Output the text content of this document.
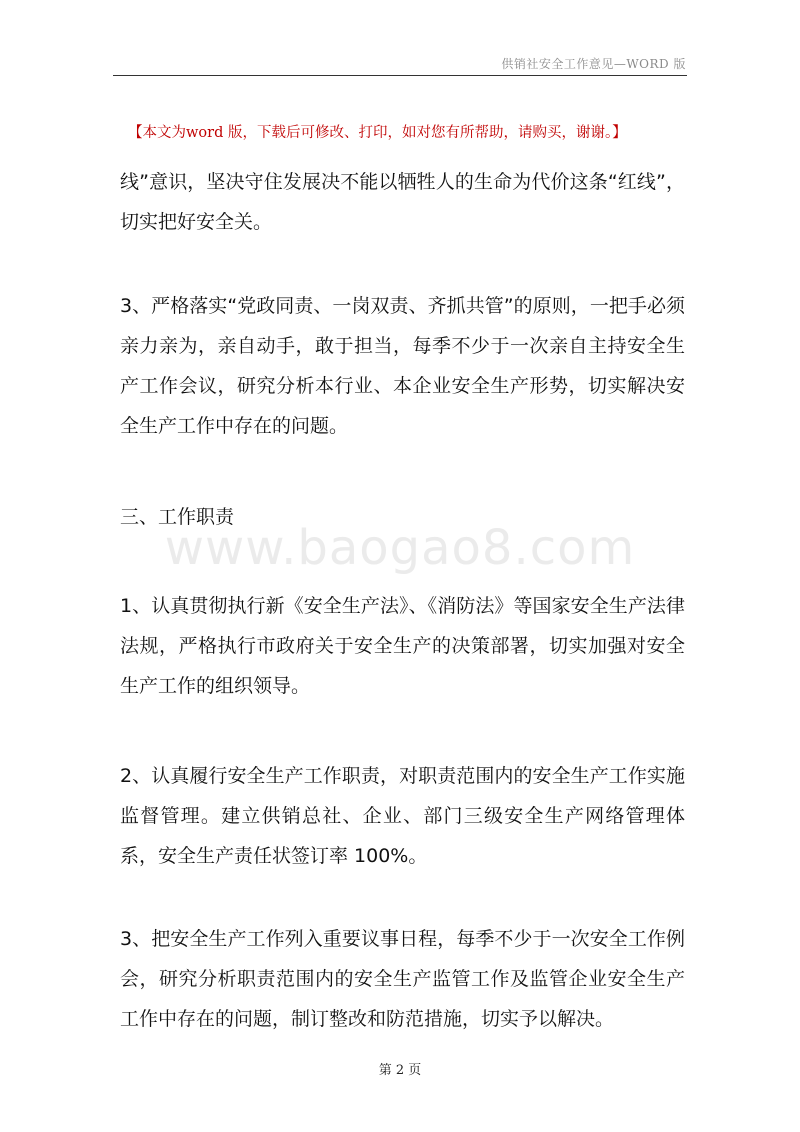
供销社安全工作意见—WORD 版
【本文为word 版，下载后可修改、打印，如对您有所帮助，请购买，谢谢。】
www.baogao8.com

线”意识，坚决守住发展决不能以牺牲人的生命为代价这条“红线”，切实把好安全关。

3、严格落实“党政同责、一岗双责、齐抓共管”的原则，一把手必须亲力亲为，亲自动手，敢于担当，每季不少于一次亲自主持安全生产工作会议，研究分析本行业、本企业安全生产形势，切实解决安全生产工作中存在的问题。

三、工作职责

1、认真贯彻执行新《安全生产法》、《消防法》等国家安全生产法律法规，严格执行市政府关于安全生产的决策部署，切实加强对安全生产工作的组织领导。

2、认真履行安全生产工作职责，对职责范围内的安全生产工作实施监督管理。建立供销总社、企业、部门三级安全生产网络管理体系，安全生产责任状签订率 100%。

3、把安全生产工作列入重要议事日程，每季不少于一次安全工作例会，研究分析职责范围内的安全生产监管工作及监管企业安全生产工作中存在的问题，制订整改和防范措施，切实予以解决。

第 2 页
